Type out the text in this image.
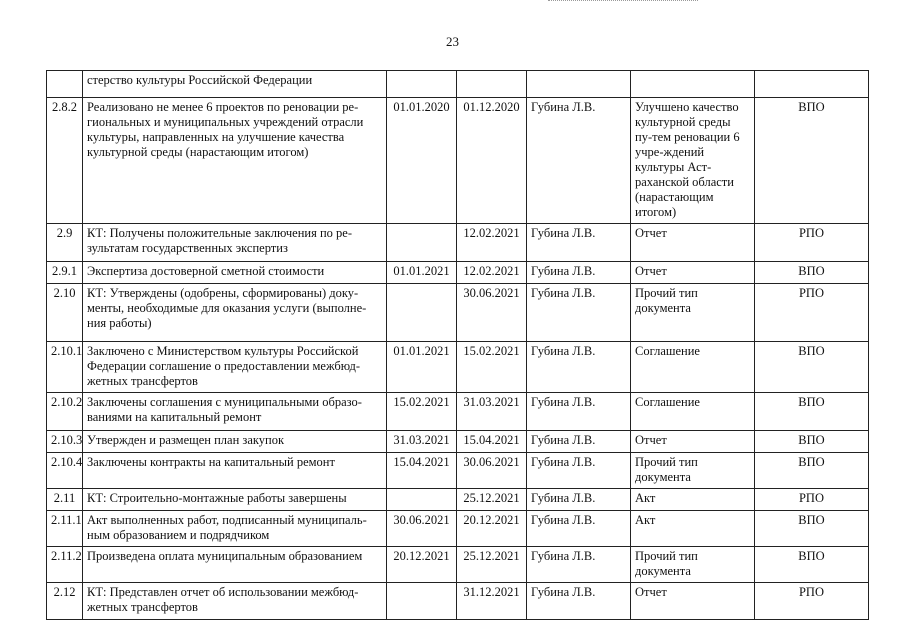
23
	стерство культуры Российской Федерации					
2.8.2	Реализовано не менее 6 проектов по реновации ре-гиональных и муниципальных учреждений отрасли культуры, направленных на улучшение качества культурной среды (нарастающим итогом)	01.01.2020	01.12.2020	Губина Л.В.	Улучшено качество культурной среды пу-тем реновации 6 учре-ждений культуры Аст-раханской области (нарастающим итогом)	ВПО
2.9	КТ: Получены положительные заключения по ре-зультатам государственных экспертиз		12.02.2021	Губина Л.В.	Отчет	РПО
2.9.1	Экспертиза достоверной сметной стоимости	01.01.2021	12.02.2021	Губина Л.В.	Отчет	ВПО
2.10	КТ: Утверждены (одобрены, сформированы) доку-менты, необходимые для оказания услуги (выполне-ния работы)		30.06.2021	Губина Л.В.	Прочий тип документа	РПО
2.10.1	Заключено с Министерством культуры Российской Федерации соглашение о предоставлении межбюд-жетных трансфертов	01.01.2021	15.02.2021	Губина Л.В.	Соглашение	ВПО
2.10.2	Заключены соглашения с муниципальными образо-ваниями на капитальный ремонт	15.02.2021	31.03.2021	Губина Л.В.	Соглашение	ВПО
2.10.3	Утвержден и размещен план закупок	31.03.2021	15.04.2021	Губина Л.В.	Отчет	ВПО
2.10.4	Заключены контракты на капитальный ремонт	15.04.2021	30.06.2021	Губина Л.В.	Прочий тип документа	ВПО
2.11	КТ: Строительно-монтажные работы завершены		25.12.2021	Губина Л.В.	Акт	РПО
2.11.1	Акт выполненных работ, подписанный муниципаль-ным образованием и подрядчиком	30.06.2021	20.12.2021	Губина Л.В.	Акт	ВПО
2.11.2	Произведена оплата муниципальным образованием	20.12.2021	25.12.2021	Губина Л.В.	Прочий тип документа	ВПО
2.12	КТ: Представлен отчет об использовании межбюд-жетных трансфертов		31.12.2021	Губина Л.В.	Отчет	РПО
